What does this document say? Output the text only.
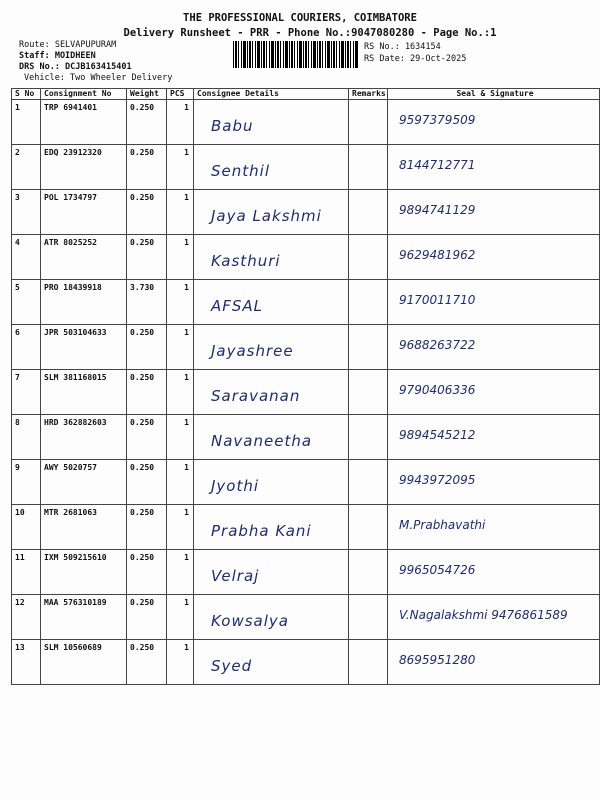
THE PROFESSIONAL COURIERS, COIMBATORE
Delivery Runsheet - PRR - Phone No.:9047080280 - Page No.:1
Route: SELVAPUPURAM
Staff: MOIDHEEN
DRS No.: DCJB163415401
Vehicle: Two Wheeler Delivery
RS No.: 1634154
RS Date: 29-Oct-2025
S No	Consignment No	Weight	PCS	Consignee Details	Remarks	Seal & Signature
1	TRP 6941401	0.250	1	Babu		9597379509
2	EDQ 23912320	0.250	1	Senthil		8144712771
3	POL 1734797	0.250	1	Jaya Lakshmi		9894741129
4	ATR 8025252	0.250	1	Kasthuri		9629481962
5	PRO 18439918	3.730	1	AFSAL		9170011710
6	JPR 503104633	0.250	1	Jayashree		9688263722
7	SLM 381168015	0.250	1	Saravanan		9790406336
8	HRD 362882603	0.250	1	Navaneetha		9894545212
9	AWY 5020757	0.250	1	Jyothi		9943972095
10	MTR 2681063	0.250	1	Prabha Kani		M.Prabhavathi
11	IXM 509215610	0.250	1	Velraj		9965054726
12	MAA 576310189	0.250	1	Kowsalya		V.Nagalakshmi 9476861589
13	SLM 10560689	0.250	1	Syed		8695951280
